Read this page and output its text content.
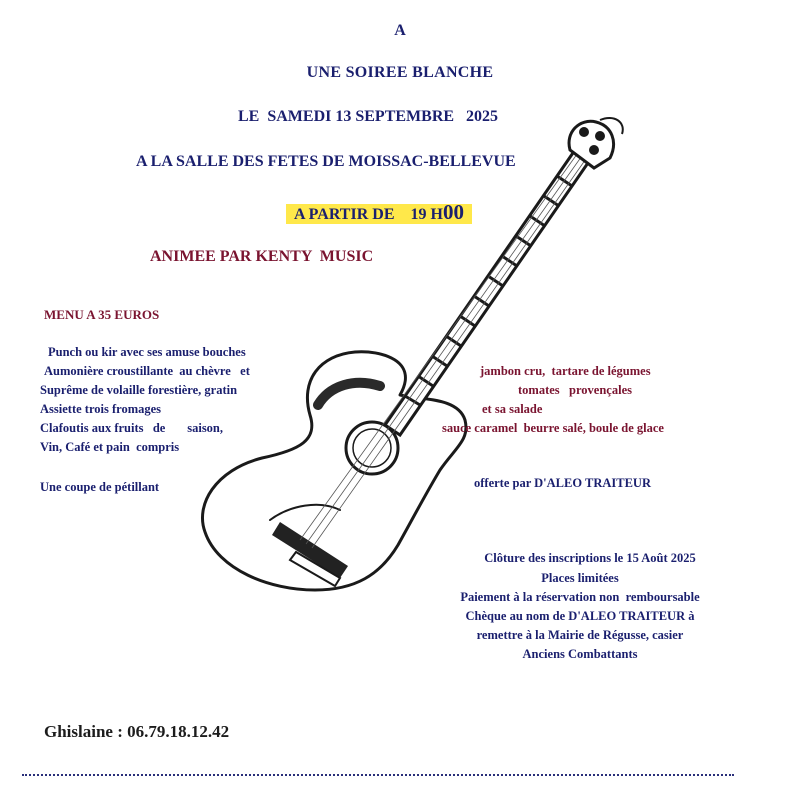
A
UNE SOIREE BLANCHE
LE  SAMEDI 13 SEPTEMBRE   2025
A LA SALLE DES FETES DE MOISSAC-BELLEVUE
A PARTIR DE 19 H00
ANIMEE PAR KENTY  MUSIC
MENU A 35 EUROS
Punch ou kir avec ses amuse bouches
Aumonière croustillante  au chèvre   et
Suprême de volaille forestière, gratin
Assiette trois fromages
Clafoutis aux fruits   de       saison,
Vin, Café et pain  compris
jambon cru,  tartare de légumes
tomates   provençales
et sa salade
sauce caramel  beurre salé, boule de glace
Une coupe de pétillant	offerte par D'ALEO TRAITEUR
Clôture des inscriptions le 15 Août 2025
Places limitées
Paiement à la réservation non  remboursable
Chèque au nom de D'ALEO TRAITEUR à
remettre à la Mairie de Régusse, casier
Anciens Combattants
Ghislaine : 06.79.18.12.42
